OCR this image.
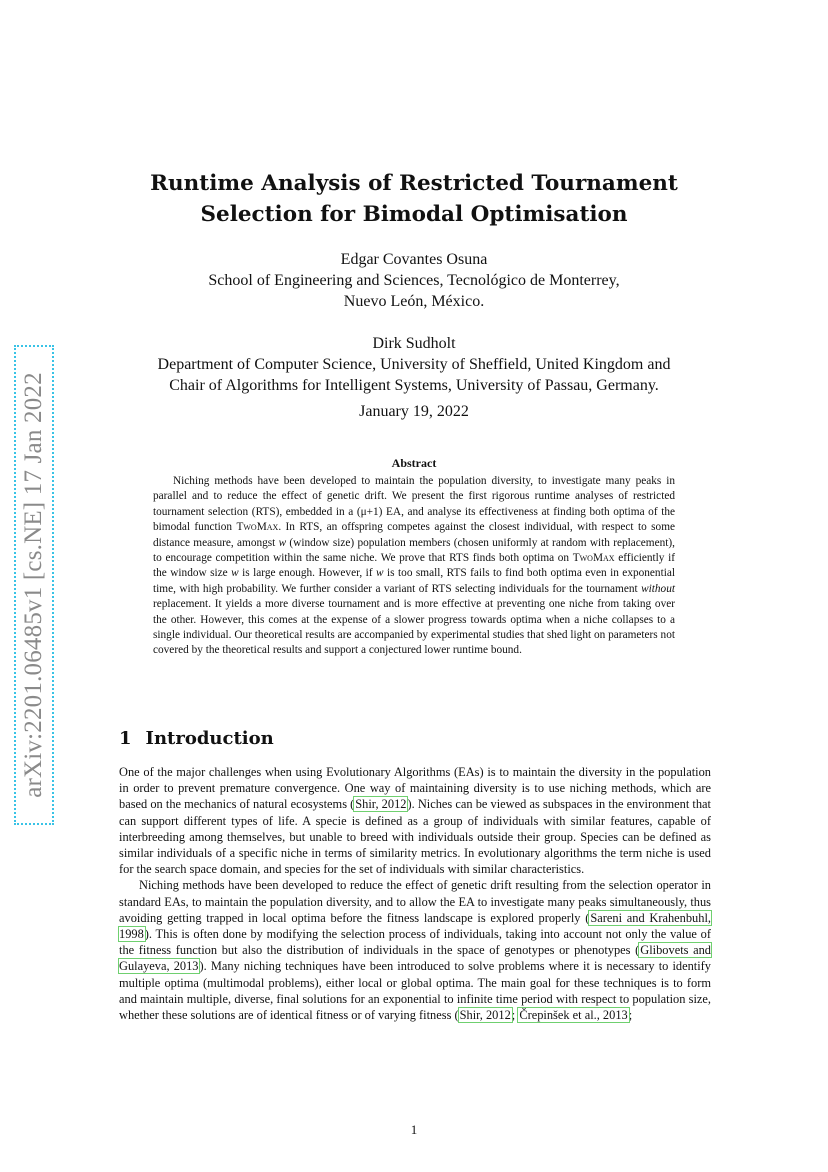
arXiv:2201.06485v1 [cs.NE] 17 Jan 2022
Runtime Analysis of Restricted Tournament Selection for Bimodal Optimisation
Edgar Covantes Osuna
School of Engineering and Sciences, Tecnológico de Monterrey,
Nuevo León, México.
Dirk Sudholt
Department of Computer Science, University of Sheffield, United Kingdom and
Chair of Algorithms for Intelligent Systems, University of Passau, Germany.
January 19, 2022
Abstract
Niching methods have been developed to maintain the population diversity, to investigate many peaks in parallel and to reduce the effect of genetic drift. We present the first rigorous runtime analyses of restricted tournament selection (RTS), embedded in a (μ+1) EA, and analyse its effectiveness at finding both optima of the bimodal function TwoMax. In RTS, an offspring competes against the closest individual, with respect to some distance measure, amongst w (window size) population members (chosen uniformly at random with replacement), to encourage competition within the same niche. We prove that RTS finds both optima on TwoMax efficiently if the window size w is large enough. However, if w is too small, RTS fails to find both optima even in exponential time, with high probability. We further consider a variant of RTS selecting individuals for the tournament without replacement. It yields a more diverse tournament and is more effective at preventing one niche from taking over the other. However, this comes at the expense of a slower progress towards optima when a niche collapses to a single individual. Our theoretical results are accompanied by experimental studies that shed light on parameters not covered by the theoretical results and support a conjectured lower runtime bound.
1 Introduction

One of the major challenges when using Evolutionary Algorithms (EAs) is to maintain the diversity in the population in order to prevent premature convergence. One way of maintaining diversity is to use niching methods, which are based on the mechanics of natural ecosystems (Shir, 2012). Niches can be viewed as subspaces in the environment that can support different types of life. A specie is defined as a group of individuals with similar features, capable of interbreeding among themselves, but unable to breed with individuals outside their group. Species can be defined as similar individuals of a specific niche in terms of similarity metrics. In evolutionary algorithms the term niche is used for the search space domain, and species for the set of individuals with similar characteristics.

Niching methods have been developed to reduce the effect of genetic drift resulting from the selection operator in standard EAs, to maintain the population diversity, and to allow the EA to investigate many peaks simultaneously, thus avoiding getting trapped in local optima before the fitness landscape is explored properly (Sareni and Krahenbuhl, 1998). This is often done by modifying the selection process of individuals, taking into account not only the value of the fitness function but also the distribution of individuals in the space of genotypes or phenotypes (Glibovets and Gulayeva, 2013). Many niching techniques have been introduced to solve problems where it is necessary to identify multiple optima (multimodal problems), either local or global optima. The main goal for these techniques is to form and maintain multiple, diverse, final solutions for an exponential to infinite time period with respect to population size, whether these solutions are of identical fitness or of varying fitness (Shir, 2012; Črepinšek et al., 2013;

1
